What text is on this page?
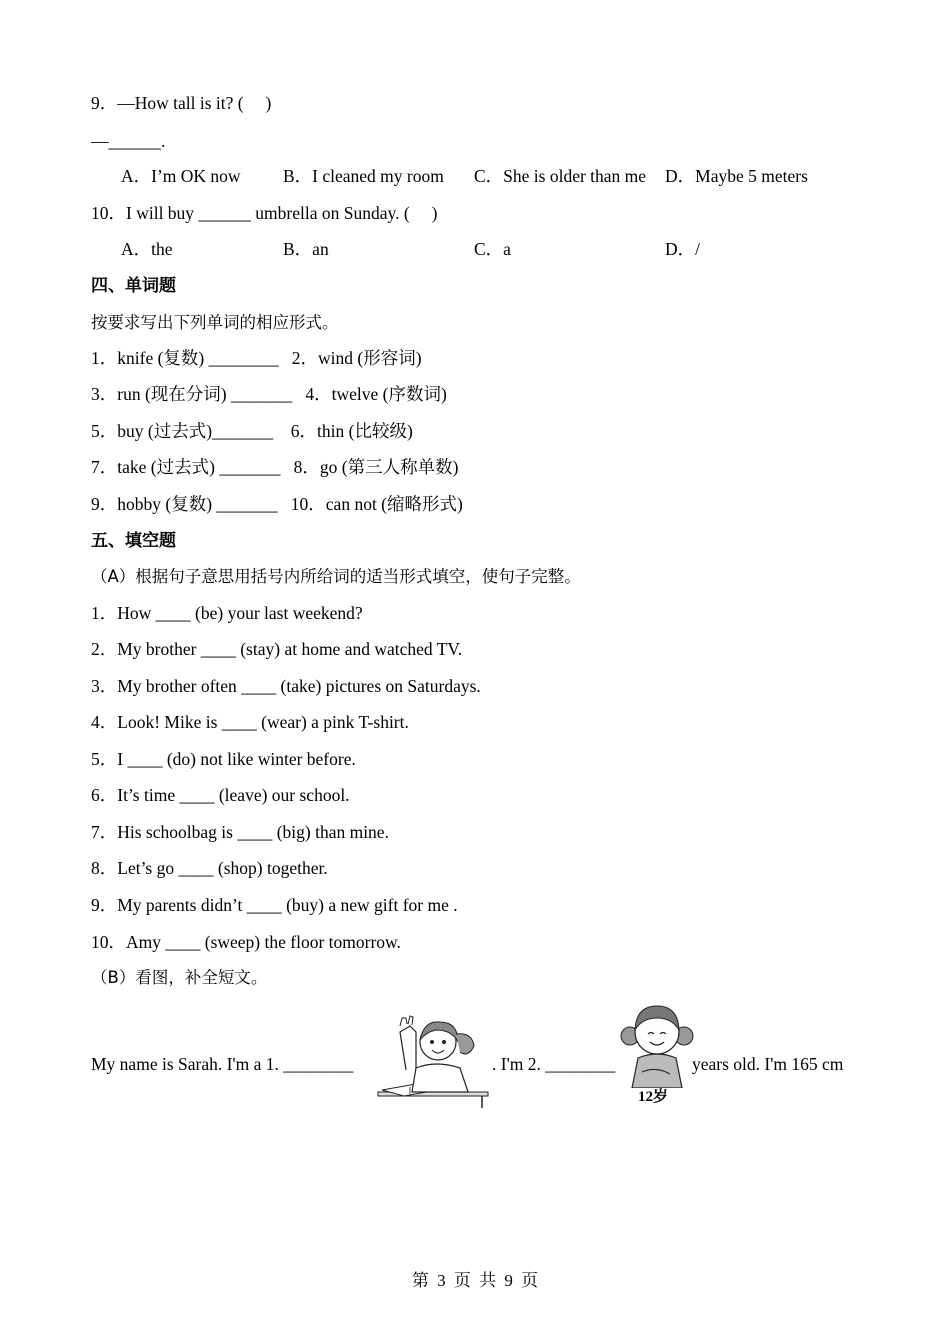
9．—How tall is it? (     )
—______.
A．I’m OK now B．I cleaned my room C．She is older than me D．Maybe 5 meters
10．I will buy ______ umbrella on Sunday. (     )
A．the	B．an	C．a	D．/
四、单词题
按要求写出下列单词的相应形式。
1．knife (复数) ________   2．wind (形容词)
3．run (现在分词) _______   4．twelve (序数词)
5．buy (过去式)_______    6．thin (比较级)
7．take (过去式) _______   8．go (第三人称单数)
9．hobby (复数) _______   10．can not (缩略形式)
五、填空题
（A）根据句子意思用括号内所给词的适当形式填空，使句子完整。
1．How ____ (be) your last weekend?
2．My brother ____ (stay) at home and watched TV.
3．My brother often ____ (take) pictures on Saturdays.
4．Look! Mike is ____ (wear) a pink T-shirt.
5．I ____ (do) not like winter before.
6．It’s time ____ (leave) our school.
7．His schoolbag is ____ (big) than mine.
8．Let’s go ____ (shop) together.
9．My parents didn’t ____ (buy) a new gift for me .
10．Amy ____ (sweep) the floor tomorrow.
（B）看图，补全短文。
My name is Sarah. I'm a 1. ________	. I'm 2. ________
12岁
years old. I'm 165 cm
第 3 页 共 9 页
